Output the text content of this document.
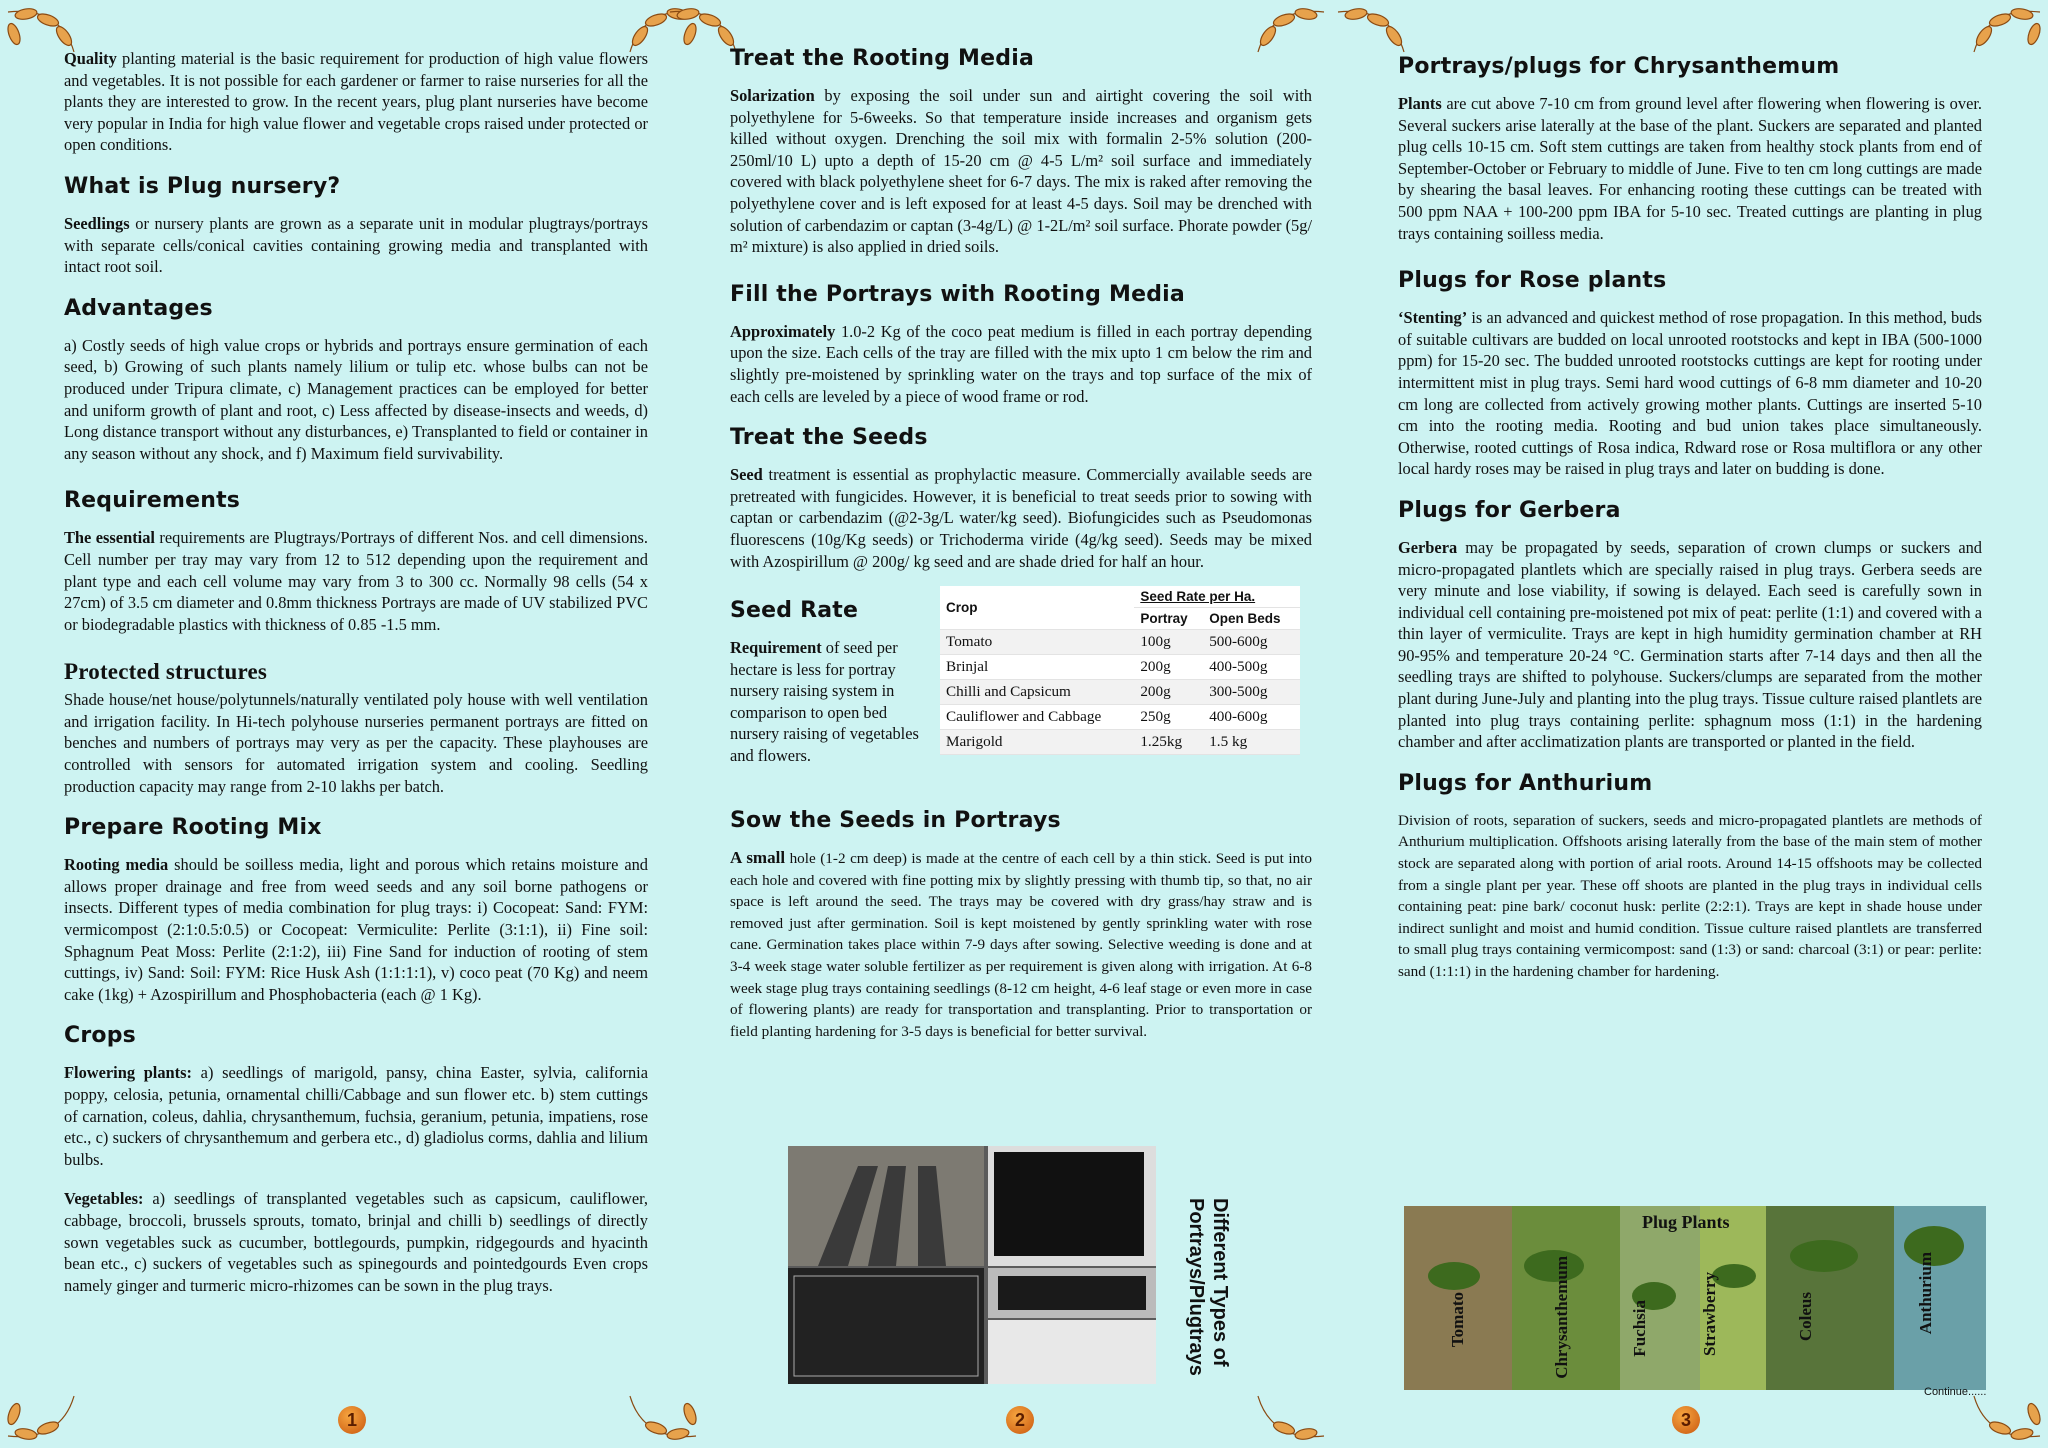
Quality planting material is the basic requirement for production of high value flowers and vegetables. It is not possible for each gardener or farmer to raise nurseries for all the plants they are interested to grow. In the recent years, plug plant nurseries have become very popular in India for high value flower and vegetable crops raised under protected or open conditions.

What is Plug nursery?

Seedlings or nursery plants are grown as a separate unit in modular plugtrays/portrays with separate cells/conical cavities containing growing media and transplanted with intact root soil.

Advantages

a) Costly seeds of high value crops or hybrids and portrays ensure germination of each seed, b) Growing of such plants namely lilium or tulip etc. whose bulbs can not be produced under Tripura climate, c) Management practices can be employed for better and uniform growth of plant and root, c) Less affected by disease-insects and weeds, d) Long distance transport without any disturbances, e) Transplanted to field or container in any season without any shock, and f) Maximum field survivability.

Requirements

The essential requirements are Plugtrays/Portrays of different Nos. and cell dimensions. Cell number per tray may vary from 12 to 512 depending upon the requirement and plant type and each cell volume may vary from 3 to 300 cc. Normally 98 cells (54 x 27cm) of 3.5 cm diameter and 0.8mm thickness Portrays are made of UV stabilized PVC or biodegradable plastics with thickness of 0.85 -1.5 mm.

Protected structures

Shade house/net house/polytunnels/naturally ventilated poly house with well ventilation and irrigation facility. In Hi-tech polyhouse nurseries permanent portrays are fitted on benches and numbers of portrays may very as per the capacity. These playhouses are controlled with sensors for automated irrigation system and cooling. Seedling production capacity may range from 2-10 lakhs per batch.

Prepare Rooting Mix

Rooting media should be soilless media, light and porous which retains moisture and allows proper drainage and free from weed seeds and any soil borne pathogens or insects. Different types of media combination for plug trays: i) Cocopeat: Sand: FYM: vermicompost (2:1:0.5:0.5) or Cocopeat: Vermiculite: Perlite (3:1:1), ii) Fine soil: Sphagnum Peat Moss: Perlite (2:1:2), iii) Fine Sand for induction of rooting of stem cuttings, iv) Sand: Soil: FYM: Rice Husk Ash (1:1:1:1), v) coco peat (70 Kg) and neem cake (1kg) + Azospirillum and Phosphobacteria (each @ 1 Kg).

Crops

Flowering plants: a) seedlings of marigold, pansy, china Easter, sylvia, california poppy, celosia, petunia, ornamental chilli/Cabbage and sun flower etc. b) stem cuttings of carnation, coleus, dahlia, chrysanthemum, fuchsia, geranium, petunia, impatiens, rose etc., c) suckers of chrysanthemum and gerbera etc., d) gladiolus corms, dahlia and lilium bulbs.

Vegetables: a) seedlings of transplanted vegetables such as capsicum, cauliflower, cabbage, broccoli, brussels sprouts, tomato, brinjal and chilli b) seedlings of directly sown vegetables suck as cucumber, bottlegourds, pumpkin, ridgegourds and hyacinth bean etc., c) suckers of vegetables such as spinegourds and pointedgourds Even crops namely ginger and turmeric micro-rhizomes can be sown in the plug trays.

Treat the Rooting Media

Solarization by exposing the soil under sun and airtight covering the soil with polyethylene for 5-6weeks. So that temperature inside increases and organism gets killed without oxygen. Drenching the soil mix with formalin 2-5% solution (200-250ml/10 L) upto a depth of 15-20 cm @ 4-5 L/m² soil surface and immediately covered with black polyethylene sheet for 6-7 days. The mix is raked after removing the polyethylene cover and is left exposed for at least 4-5 days. Soil may be drenched with solution of carbendazim or captan (3-4g/L) @ 1-2L/m² soil surface. Phorate powder (5g/ m² mixture) is also applied in dried soils.

Fill the Portrays with Rooting Media

Approximately 1.0-2 Kg of the coco peat medium is filled in each portray depending upon the size. Each cells of the tray are filled with the mix upto 1 cm below the rim and slightly pre-moistened by sprinkling water on the trays and top surface of the mix of each cells are leveled by a piece of wood frame or rod.

Treat the Seeds

Seed treatment is essential as prophylactic measure. Commercially available seeds are pretreated with fungicides. However, it is beneficial to treat seeds prior to sowing with captan or carbendazim (@2-3g/L water/kg seed). Biofungicides such as Pseudomonas fluorescens (10g/Kg seeds) or Trichoderma viride (4g/kg seed). Seeds may be mixed with Azospirillum @ 200g/ kg seed and are shade dried for half an hour.

Seed Rate

Requirement of seed per hectare is less for portray nursery raising system in comparison to open bed nursery raising of vegetables and flowers.

Crop	Seed Rate per Ha.	
	Portray	Open Beds
Tomato	100g	500-600g
Brinjal	200g	400-500g
Chilli and Capsicum	200g	300-500g
Cauliflower and Cabbage	250g	400-600g
Marigold	1.25kg	1.5 kg
Sow the Seeds in Portrays

A small hole (1-2 cm deep) is made at the centre of each cell by a thin stick. Seed is put into each hole and covered with fine potting mix by slightly pressing with thumb tip, so that, no air space is left around the seed. The trays may be covered with dry grass/hay straw and is removed just after germination. Soil is kept moistened by gently sprinkling water with rose cane. Germination takes place within 7-9 days after sowing. Selective weeding is done and at 3-4 week stage water soluble fertilizer as per requirement is given along with irrigation. At 6-8 week stage plug trays containing seedlings (8-12 cm height, 4-6 leaf stage or even more in case of flowering plants) are ready for transportation and transplanting. Prior to transportation or field planting hardening for 3-5 days is beneficial for better survival.

Different Types of Portrays/Plugtrays
Portrays/plugs for Chrysanthemum

Plants are cut above 7-10 cm from ground level after flowering when flowering is over. Several suckers arise laterally at the base of the plant. Suckers are separated and planted plug cells 10-15 cm. Soft stem cuttings are taken from healthy stock plants from end of September-October or February to middle of June. Five to ten cm long cuttings are made by shearing the basal leaves. For enhancing rooting these cuttings can be treated with 500 ppm NAA + 100-200 ppm IBA for 5-10 sec. Treated cuttings are planting in plug trays containing soilless media.

Plugs for Rose plants

‘Stenting’ is an advanced and quickest method of rose propagation. In this method, buds of suitable cultivars are budded on local unrooted rootstocks and kept in IBA (500-1000 ppm) for 15-20 sec. The budded unrooted rootstocks cuttings are kept for rooting under intermittent mist in plug trays. Semi hard wood cuttings of 6-8 mm diameter and 10-20 cm long are collected from actively growing mother plants. Cuttings are inserted 5-10 cm into the rooting media. Rooting and bud union takes place simultaneously. Otherwise, rooted cuttings of Rosa indica, Rdward rose or Rosa multiflora or any other local hardy roses may be raised in plug trays and later on budding is done.

Plugs for Gerbera

Gerbera may be propagated by seeds, separation of crown clumps or suckers and micro-propagated plantlets which are specially raised in plug trays. Gerbera seeds are very minute and lose viability, if sowing is delayed. Each seed is carefully sown in individual cell containing pre-moistened pot mix of peat: perlite (1:1) and covered with a thin layer of vermiculite. Trays are kept in high humidity germination chamber at RH 90-95% and temperature 20-24 °C. Germination starts after 7-14 days and then all the seedling trays are shifted to polyhouse. Suckers/clumps are separated from the mother plant during June-July and planting into the plug trays. Tissue culture raised plantlets are planted into plug trays containing perlite: sphagnum moss (1:1) in the hardening chamber and after acclimatization plants are transported or planted in the field.

Plugs for Anthurium

Division of roots, separation of suckers, seeds and micro-propagated plantlets are methods of Anthurium multiplication. Offshoots arising laterally from the base of the main stem of mother stock are separated along with portion of arial roots. Around 14-15 offshoots may be collected from a single plant per year. These off shoots are planted in the plug trays in individual cells containing peat: pine bark/ coconut husk: perlite (2:2:1). Trays are kept in shade house under indirect sunlight and moist and humid condition. Tissue culture raised plantlets are transferred to small plug trays containing vermicompost: sand (1:3) or sand: charcoal (3:1) or pear: perlite: sand (1:1:1) in the hardening chamber for hardening.

Plug Plants
Tomato	Chrysanthemum	Fuchsia	Strawberry	Coleus	Anthurium
Continue......
1	2	3
